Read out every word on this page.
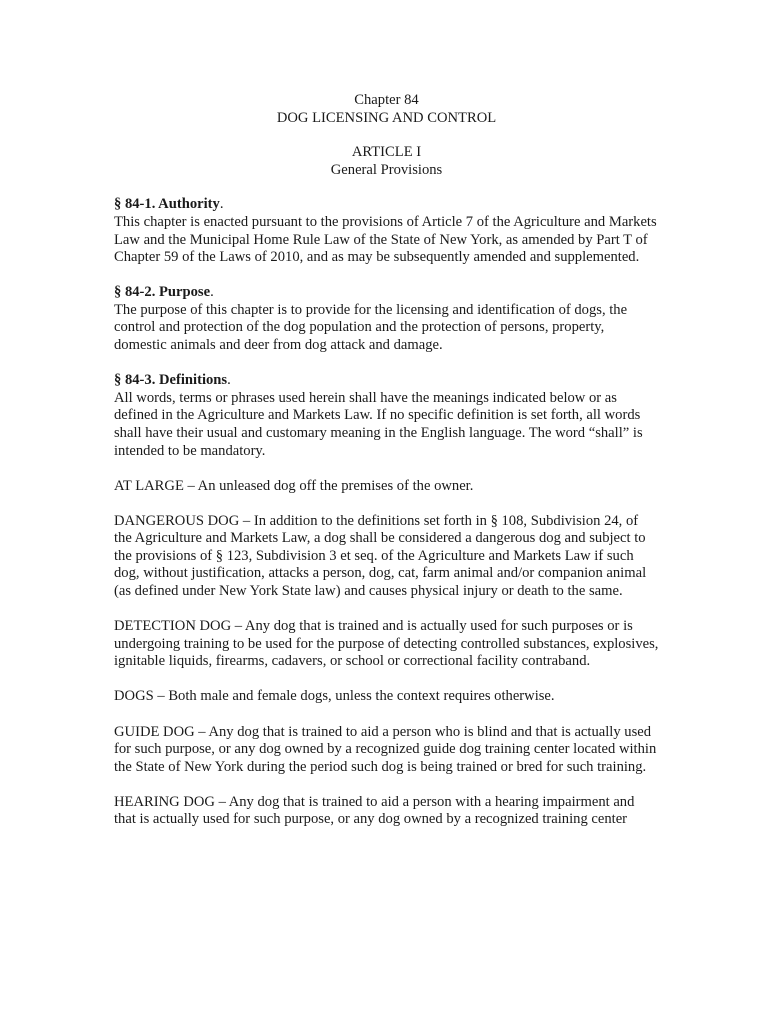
Chapter 84

DOG LICENSING AND CONTROL

ARTICLE I

General Provisions

§ 84-1. Authority.

This chapter is enacted pursuant to the provisions of Article 7 of the Agriculture and Markets Law and the Municipal Home Rule Law of the State of New York, as amended by Part T of Chapter 59 of the Laws of 2010, and as may be subsequently amended and supplemented.

§ 84-2. Purpose.

The purpose of this chapter is to provide for the licensing and identification of dogs, the control and protection of the dog population and the protection of persons, property, domestic animals and deer from dog attack and damage.

§ 84-3. Definitions.

All words, terms or phrases used herein shall have the meanings indicated below or as defined in the Agriculture and Markets Law. If no specific definition is set forth, all words shall have their usual and customary meaning in the English language. The word “shall” is intended to be mandatory.

AT LARGE – An unleased dog off the premises of the owner.

DANGEROUS DOG – In addition to the definitions set forth in § 108, Subdivision 24, of the Agriculture and Markets Law, a dog shall be considered a dangerous dog and subject to the provisions of § 123, Subdivision 3 et seq. of the Agriculture and Markets Law if such dog, without justification, attacks a person, dog, cat, farm animal and/or companion animal (as defined under New York State law) and causes physical injury or death to the same.

DETECTION DOG – Any dog that is trained and is actually used for such purposes or is undergoing training to be used for the purpose of detecting controlled substances, explosives, ignitable liquids, firearms, cadavers, or school or correctional facility contraband.

DOGS – Both male and female dogs, unless the context requires otherwise.

GUIDE DOG – Any dog that is trained to aid a person who is blind and that is actually used for such purpose, or any dog owned by a recognized guide dog training center located within the State of New York during the period such dog is being trained or bred for such training.

HEARING DOG – Any dog that is trained to aid a person with a hearing impairment and that is actually used for such purpose, or any dog owned by a recognized training center
